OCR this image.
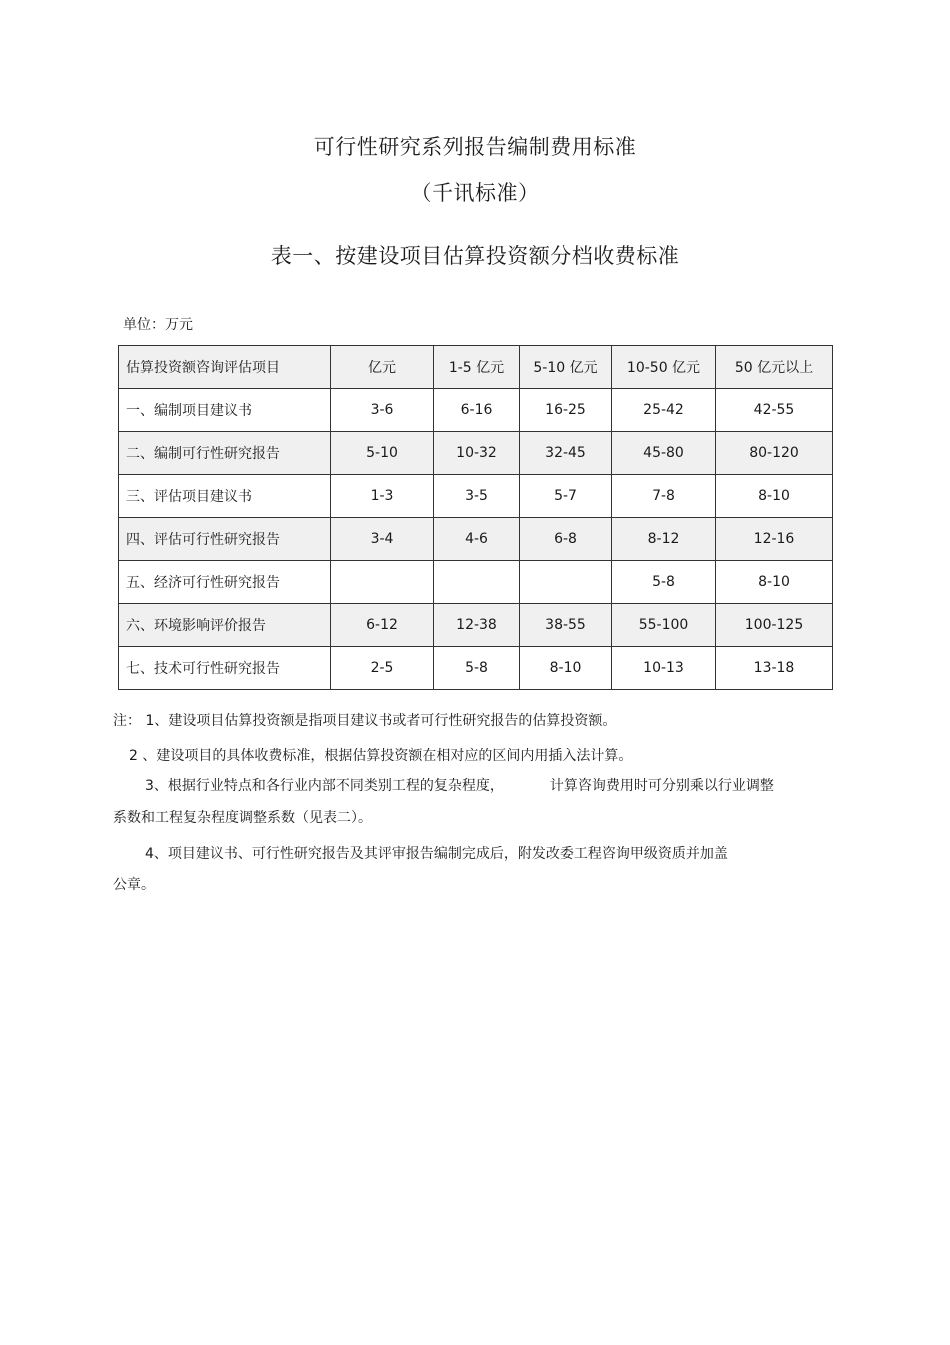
可行性研究系列报告编制费用标准
（千讯标准）
表一、按建设项目估算投资额分档收费标准
单位：万元
估算投资额咨询评估项目	亿元	1-5 亿元	5-10 亿元	10-50 亿元	50 亿元以上
一、编制项目建议书	3-6	6-16	16-25	25-42	42-55
二、编制可行性研究报告	5-10	10-32	32-45	45-80	80-120
三、评估项目建议书	1-3	3-5	5-7	7-8	8-10
四、评估可行性研究报告	3-4	4-6	6-8	8-12	12-16
五、经济可行性研究报告				5-8	8-10
六、环境影响评价报告	6-12	12-38	38-55	55-100	100-125
七、技术可行性研究报告	2-5	5-8	8-10	10-13	13-18
注： 1、建设项目估算投资额是指项目建议书或者可行性研究报告的估算投资额。
2 、建设项目的具体收费标准，根据估算投资额在相对应的区间内用插入法计算。
3、根据行业特点和各行业内部不同类别工程的复杂程度，	计算咨询费用时可分别乘以行业调整
系数和工程复杂程度调整系数（见表二）。
4、项目建议书、可行性研究报告及其评审报告编制完成后，附发改委工程咨询甲级资质并加盖
公章。
